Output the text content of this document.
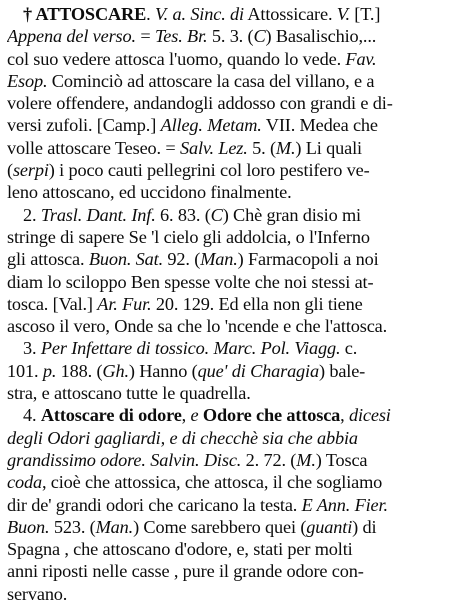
† ATTOSCARE. V. a. Sinc. di Attossicare. V. [T.]
Appena del verso. = Tes. Br. 5. 3. (C) Basalischio,...
col suo vedere attosca l'uomo, quando lo vede. Fav.
Esop. Cominciò ad attoscare la casa del villano, e a
volere offendere, andandogli addosso con grandi e di-
versi zufoli. [Camp.] Alleg. Metam. VII. Medea che
volle attoscare Teseo. = Salv. Lez. 5. (M.) Li quali
(serpi) i poco cauti pellegrini col loro pestifero ve-
leno attoscano, ed uccidono finalmente.
2. Trasl. Dant. Inf. 6. 83. (C) Chè gran disio mi
stringe di sapere Se 'l cielo gli addolcia, o l'Inferno
gli attosca. Buon. Sat. 92. (Man.) Farmacopoli a noi
diam lo sciloppo Ben spesse volte che noi stessi at-
tosca. [Val.] Ar. Fur. 20. 129. Ed ella non gli tiene
ascoso il vero, Onde sa che lo 'ncende e che l'attosca.
3. Per Infettare di tossico. Marc. Pol. Viagg. c.
101. p. 188. (Gh.) Hanno (que' di Charagia) bale-
stra, e attoscano tutte le quadrella.
4. Attoscare di odore, e Odore che attosca, dicesi
degli Odori gagliardi, e di checchè sia che abbia
grandissimo odore. Salvin. Disc. 2. 72. (M.) Tosca
coda, cioè che attossica, che attosca, il che sogliamo
dir de' grandi odori che caricano la testa. E Ann. Fier.
Buon. 523. (Man.) Come sarebbero quei (guanti) di
Spagna , che attoscano d'odore, e, stati per molti
anni riposti nelle casse , pure il grande odore con-
servano.
